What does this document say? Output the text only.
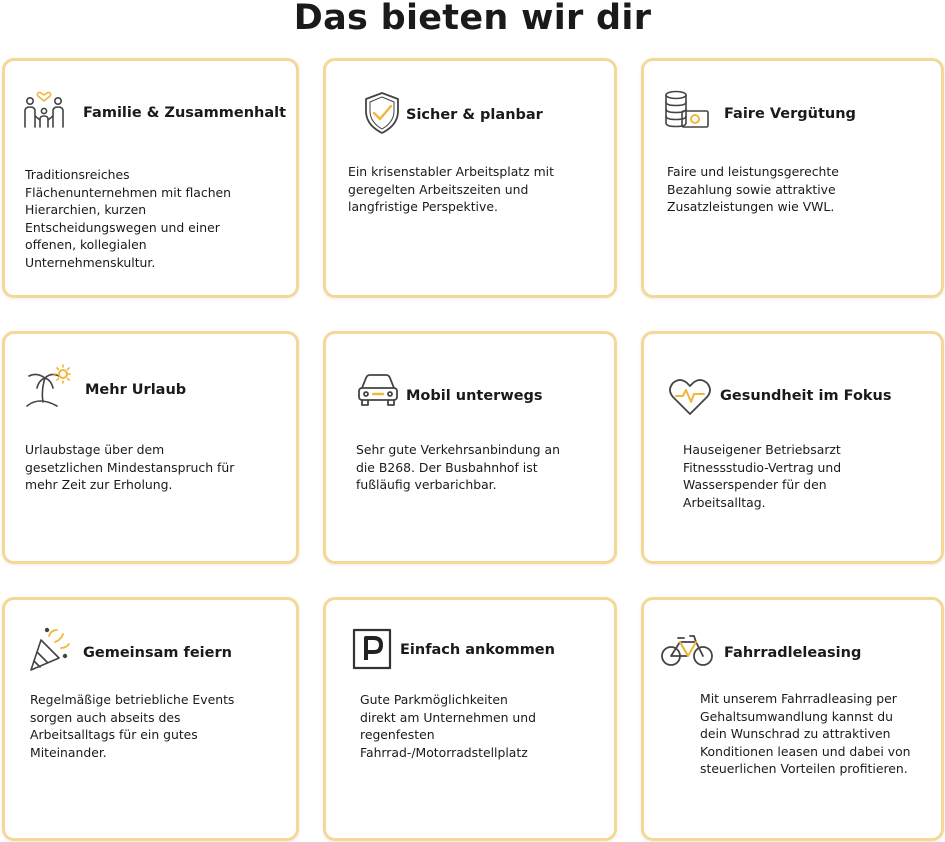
Das bieten wir dir
Familie & Zusammenhalt
Traditionsreiches
Flächenunternehmen mit flachen
Hierarchien, kurzen
Entscheidungswegen und einer
offenen, kollegialen
Unternehmenskultur.
Sicher & planbar
Ein krisenstabler Arbeitsplatz mit
geregelten Arbeitszeiten und
langfristige Perspektive.
Faire Vergütung
Faire und leistungsgerechte
Bezahlung sowie attraktive
Zusatzleistungen wie VWL.
Mehr Urlaub
Urlaubstage über dem
gesetzlichen Mindestanspruch für
mehr Zeit zur Erholung.
Mobil unterwegs
Sehr gute Verkehrsanbindung an
die B268. Der Busbahnhof ist
fußläufig verbarichbar.
Gesundheit im Fokus
Hauseigener Betriebsarzt
Fitnessstudio-Vertrag und
Wasserspender für den
Arbeitsalltag.
Gemeinsam feiern
Regelmäßige betriebliche Events
sorgen auch abseits des
Arbeitsalltags für ein gutes
Miteinander.
Einfach ankommen
Gute Parkmöglichkeiten
direkt am Unternehmen und
regenfesten
Fahrrad-/Motorradstellplatz
Fahrradleleasing
Mit unserem Fahrradleasing per
Gehaltsumwandlung kannst du
dein Wunschrad zu attraktiven
Konditionen leasen und dabei von
steuerlichen Vorteilen profitieren.
